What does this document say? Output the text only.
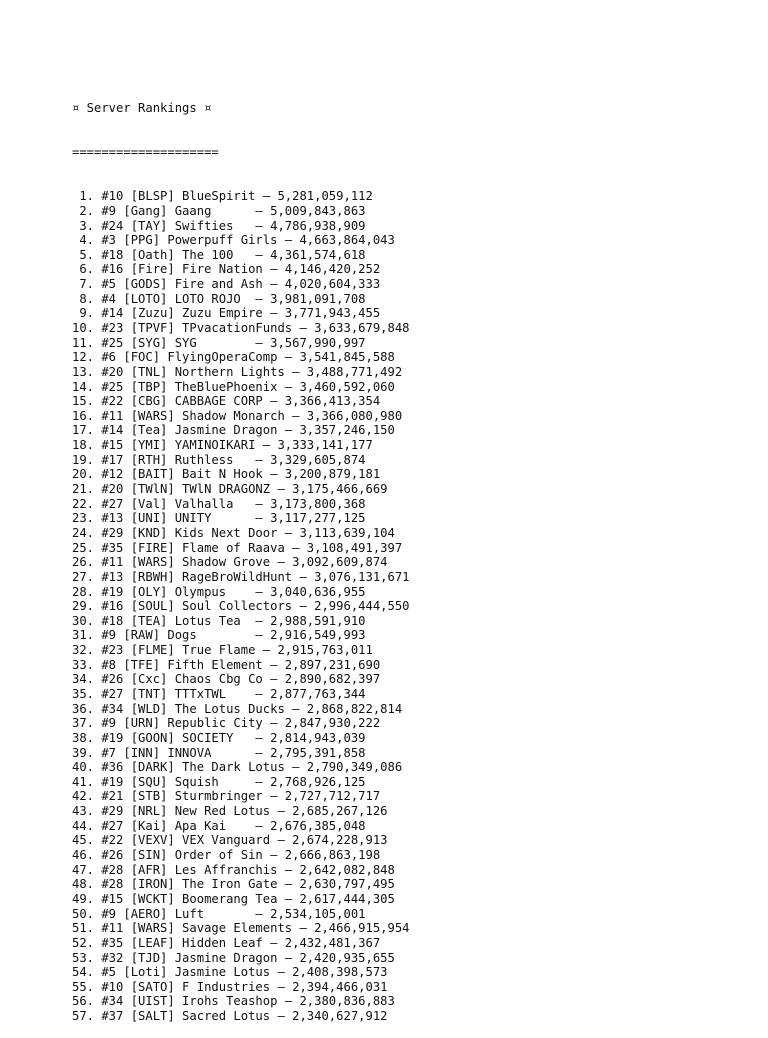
¤ Server Rankings ¤

====================

1. #10 [BLSP] BlueSpirit — 5,281,059,112
2. #9 [Gang] Gaang      — 5,009,843,863
3. #24 [TAY] Swifties   — 4,786,938,909
4. #3 [PPG] Powerpuff Girls — 4,663,864,043
5. #18 [Oath] The 100   — 4,361,574,618
6. #16 [Fire] Fire Nation — 4,146,420,252
7. #5 [GODS] Fire and Ash — 4,020,604,333
8. #4 [LOTO] LOTO ROJO  — 3,981,091,708
9. #14 [Zuzu] Zuzu Empire — 3,771,943,455
10. #23 [TPVF] TPvacationFunds — 3,633,679,848
11. #25 [SYG] SYG        — 3,567,990,997
12. #6 [FOC] FlyingOperaComp — 3,541,845,588
13. #20 [TNL] Northern Lights — 3,488,771,492
14. #25 [TBP] TheBluePhoenix — 3,460,592,060
15. #22 [CBG] CABBAGE CORP — 3,366,413,354
16. #11 [WARS] Shadow Monarch — 3,366,080,980
17. #14 [Tea] Jasmine Dragon — 3,357,246,150
18. #15 [YMI] YAMINOIKARI — 3,333,141,177
19. #17 [RTH] Ruthless   — 3,329,605,874
20. #12 [BAIT] Bait N Hook — 3,200,879,181
21. #20 [TWlN] TWlN DRAGONZ — 3,175,466,669
22. #27 [Val] Valhalla   — 3,173,800,368
23. #13 [UNI] UNITY      — 3,117,277,125
24. #29 [KND] Kids Next Door — 3,113,639,104
25. #35 [FIRE] Flame of Raava — 3,108,491,397
26. #11 [WARS] Shadow Grove — 3,092,609,874
27. #13 [RBWH] RageBroWildHunt — 3,076,131,671
28. #19 [OLY] Olympus    — 3,040,636,955
29. #16 [SOUL] Soul Collectors — 2,996,444,550
30. #18 [TEA] Lotus Tea  — 2,988,591,910
31. #9 [RAW] Dogs        — 2,916,549,993
32. #23 [FLME] True Flame — 2,915,763,011
33. #8 [TFE] Fifth Element — 2,897,231,690
34. #26 [Cxc] Chaos Cbg Co — 2,890,682,397
35. #27 [TNT] TTTxTWL    — 2,877,763,344
36. #34 [WLD] The Lotus Ducks — 2,868,822,814
37. #9 [URN] Republic City — 2,847,930,222
38. #19 [GOON] SOCIETY   — 2,814,943,039
39. #7 [INN] INNOVA      — 2,795,391,858
40. #36 [DARK] The Dark Lotus — 2,790,349,086
41. #19 [SQU] Squish     — 2,768,926,125
42. #21 [STB] Sturmbringer — 2,727,712,717
43. #29 [NRL] New Red Lotus — 2,685,267,126
44. #27 [Kai] Apa Kai    — 2,676,385,048
45. #22 [VEXV] VEX Vanguard — 2,674,228,913
46. #26 [SIN] Order of Sin — 2,666,863,198
47. #28 [AFR] Les Affranchis — 2,642,082,848
48. #28 [IRON] The Iron Gate — 2,630,797,495
49. #15 [WCKT] Boomerang Tea — 2,617,444,305
50. #9 [AERO] Luft       — 2,534,105,001
51. #11 [WARS] Savage Elements — 2,466,915,954
52. #35 [LEAF] Hidden Leaf — 2,432,481,367
53. #32 [TJD] Jasmine Dragon — 2,420,935,655
54. #5 [Loti] Jasmine Lotus — 2,408,398,573
55. #10 [SATO] F Industries — 2,394,466,031
56. #34 [UIST] Irohs Teashop — 2,380,836,883
57. #37 [SALT] Sacred Lotus — 2,340,627,912
